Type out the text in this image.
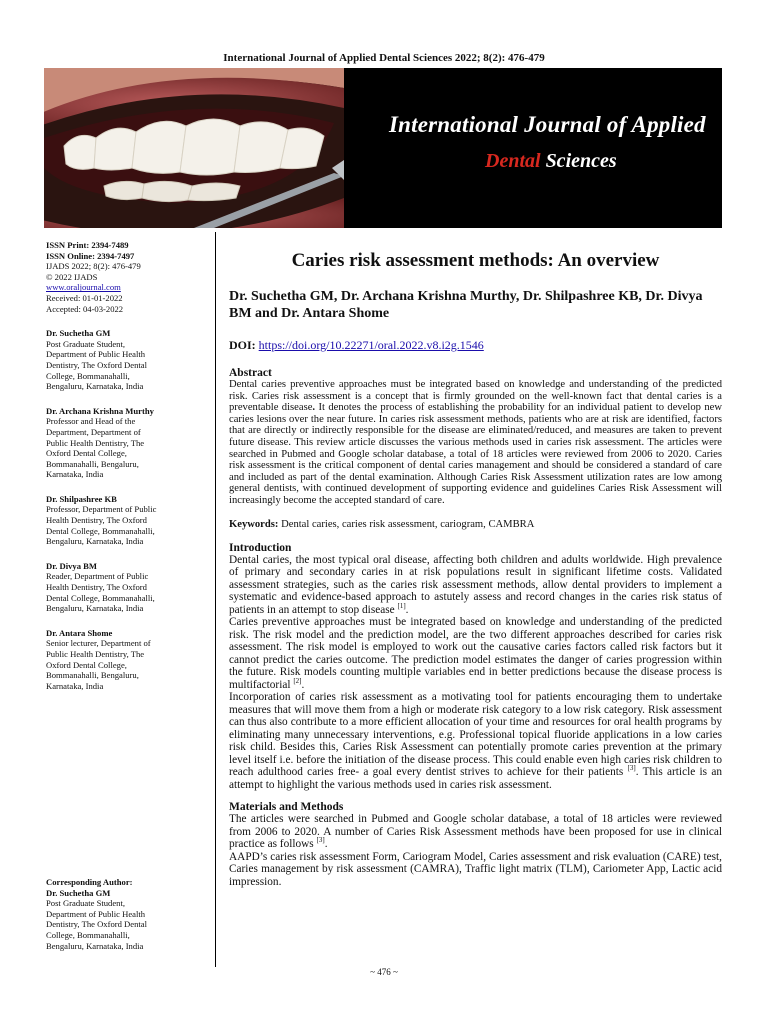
International Journal of Applied Dental Sciences 2022; 8(2): 476-479
International Journal of Applied
Dental Sciences
ISSN Print: 2394-7489
ISSN Online: 2394-7497
IJADS 2022; 8(2): 476-479
© 2022 IJADS
www.oraljournal.com
Received: 01-01-2022
Accepted: 04-03-2022
Dr. Suchetha GM
Post Graduate Student,
Department of Public Health
Dentistry, The Oxford Dental
College, Bommanahalli,
Bengaluru, Karnataka, India
Dr. Archana Krishna Murthy
Professor and Head of the
Department, Department of
Public Health Dentistry, The
Oxford Dental College,
Bommanahalli, Bengaluru,
Karnataka, India
Dr. Shilpashree KB
Professor, Department of Public
Health Dentistry, The Oxford
Dental College, Bommanahalli,
Bengaluru, Karnataka, India
Dr. Divya BM
Reader, Department of Public
Health Dentistry, The Oxford
Dental College, Bommanahalli,
Bengaluru, Karnataka, India
Dr. Antara Shome
Senior lecturer, Department of
Public Health Dentistry, The
Oxford Dental College,
Bommanahalli, Bengaluru,
Karnataka, India
Corresponding Author:
Dr. Suchetha GM
Post Graduate Student,
Department of Public Health
Dentistry, The Oxford Dental
College, Bommanahalli,
Bengaluru, Karnataka, India
Caries risk assessment methods: An overview
Dr. Suchetha GM, Dr. Archana Krishna Murthy, Dr. Shilpashree KB, Dr. Divya BM and Dr. Antara Shome
DOI: https://doi.org/10.22271/oral.2022.v8.i2g.1546
Abstract
Dental caries preventive approaches must be integrated based on knowledge and understanding of the predicted risk. Caries risk assessment is a concept that is firmly grounded on the well-known fact that dental caries is a preventable disease. It denotes the process of establishing the probability for an individual patient to develop new caries lesions over the near future. In caries risk assessment methods, patients who are at risk are identified, factors that are directly or indirectly responsible for the disease are eliminated/reduced, and measures are taken to prevent future disease. This review article discusses the various methods used in caries risk assessment. The articles were searched in Pubmed and Google scholar database, a total of 18 articles were reviewed from 2006 to 2020. Caries risk assessment is the critical component of dental caries management and should be considered a standard of care and included as part of the dental examination. Although Caries Risk Assessment utilization rates are low among general dentists, with continued development of supporting evidence and guidelines Caries Risk Assessment will increasingly become the accepted standard of care.
Keywords: Dental caries, caries risk assessment, cariogram, CAMBRA
Introduction
Dental caries, the most typical oral disease, affecting both children and adults worldwide. High prevalence of primary and secondary caries in at risk populations result in significant lifetime costs. Validated assessment strategies, such as the caries risk assessment methods, allow dental providers to implement a systematic and evidence-based approach to astutely assess and record changes in the caries risk status of patients in an attempt to stop disease [1].
Caries preventive approaches must be integrated based on knowledge and understanding of the predicted risk. The risk model and the prediction model, are the two different approaches described for caries risk assessment. The risk model is employed to work out the causative caries factors called risk factors but it cannot predict the caries outcome. The prediction model estimates the danger of caries progression within the future. Risk models counting multiple variables end in better predictions because the disease process is multifactorial [2].
Incorporation of caries risk assessment as a motivating tool for patients encouraging them to undertake measures that will move them from a high or moderate risk category to a low risk category. Risk assessment can thus also contribute to a more efficient allocation of your time and resources for oral health programs by eliminating many unnecessary interventions, e.g. Professional topical fluoride applications in a low caries risk child. Besides this, Caries Risk Assessment can potentially promote caries prevention at the primary level itself i.e. before the initiation of the disease process. This could enable even high caries risk children to reach adulthood caries free- a goal every dentist strives to achieve for their patients [3]. This article is an attempt to highlight the various methods used in caries risk assessment.
Materials and Methods
The articles were searched in Pubmed and Google scholar database, a total of 18 articles were reviewed from 2006 to 2020. A number of Caries Risk Assessment methods have been proposed for use in clinical practice as follows [3].
AAPD’s caries risk assessment Form, Cariogram Model, Caries assessment and risk evaluation (CARE) test, Caries management by risk assessment (CAMRA), Traffic light matrix (TLM), Cariometer App, Lactic acid impression.
~ 476 ~
